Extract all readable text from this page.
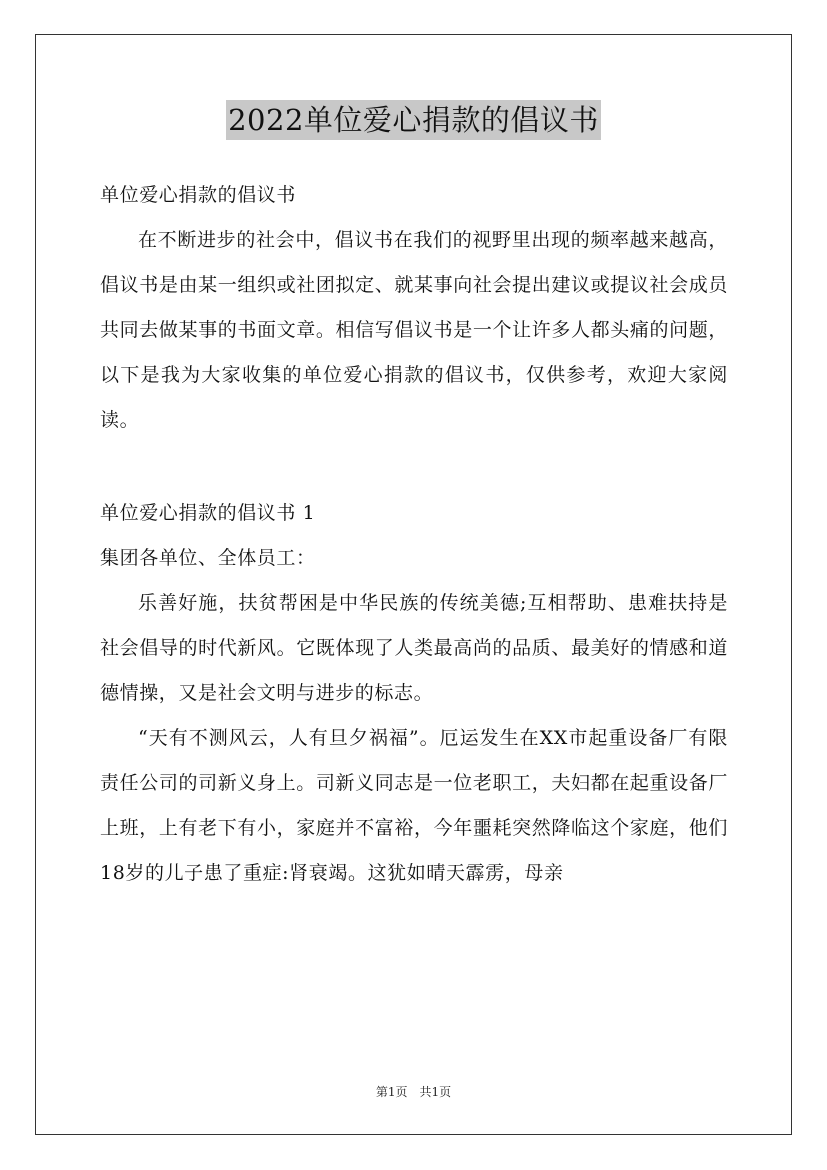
2022单位爱心捐款的倡议书

单位爱心捐款的倡议书

在不断进步的社会中，倡议书在我们的视野里出现的频率越来越高，倡议书是由某一组织或社团拟定、就某事向社会提出建议或提议社会成员共同去做某事的书面文章。相信写倡议书是一个让许多人都头痛的问题，以下是我为大家收集的单位爱心捐款的倡议书，仅供参考，欢迎大家阅读。

单位爱心捐款的倡议书 1

集团各单位、全体员工：

乐善好施，扶贫帮困是中华民族的传统美德;互相帮助、患难扶持是社会倡导的时代新风。它既体现了人类最高尚的品质、最美好的情感和道德情操，又是社会文明与进步的标志。

“天有不测风云，人有旦夕祸福”。厄运发生在XX市起重设备厂有限责任公司的司新义身上。司新义同志是一位老职工，夫妇都在起重设备厂上班，上有老下有小，家庭并不富裕，今年噩耗突然降临这个家庭，他们18岁的儿子患了重症:肾衰竭。这犹如晴天霹雳，母亲

第1页　共1页
